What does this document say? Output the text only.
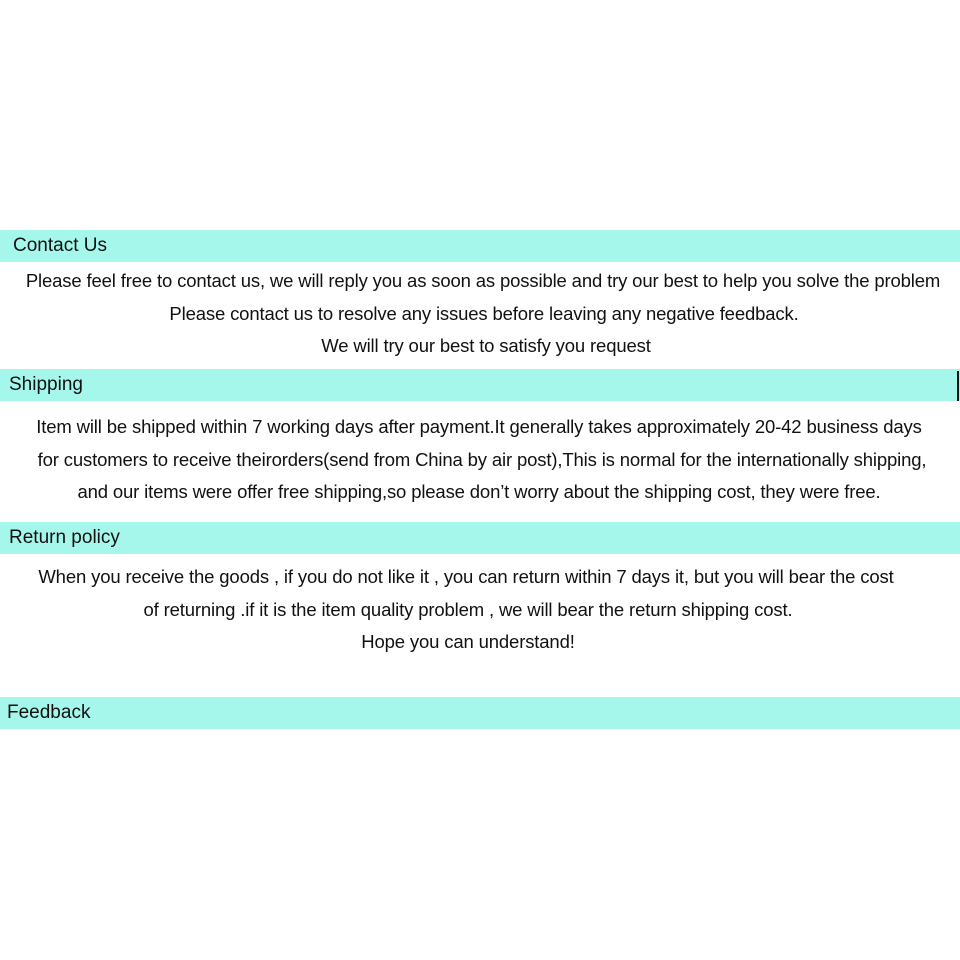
Contact Us
Please feel free to contact us, we will reply you as soon as possible and try our best to help you solve the problem
Please contact us to resolve any issues before leaving any negative feedback.
We will try our best to satisfy you request
Shipping
Item will be shipped within 7 working days after payment.It generally takes approximately 20-42 business days
for customers to receive theirorders(send from China by air post),This is normal for the internationally shipping,
and our items were offer free shipping,so please don’t worry about the shipping cost, they were free.
Return policy
When you receive the goods , if you do not like it , you can return within 7 days it, but you will bear the cost
of returning .if it is the item quality problem , we will bear the return shipping cost.
Hope you can understand!
Feedback
